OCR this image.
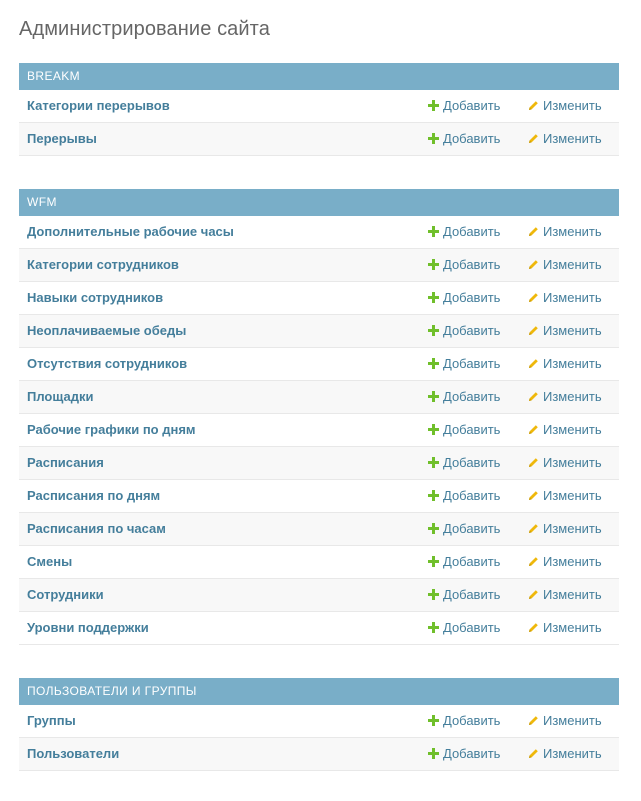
Администрирование сайта
BREAKM
Категории перерывов	Добавить	Изменить
Перерывы	Добавить	Изменить
WFM
Дополнительные рабочие часы	Добавить	Изменить
Категории сотрудников	Добавить	Изменить
Навыки сотрудников	Добавить	Изменить
Неоплачиваемые обеды	Добавить	Изменить
Отсутствия сотрудников	Добавить	Изменить
Площадки	Добавить	Изменить
Рабочие графики по дням	Добавить	Изменить
Расписания	Добавить	Изменить
Расписания по дням	Добавить	Изменить
Расписания по часам	Добавить	Изменить
Смены	Добавить	Изменить
Сотрудники	Добавить	Изменить
Уровни поддержки	Добавить	Изменить
ПОЛЬЗОВАТЕЛИ И ГРУППЫ
Группы	Добавить	Изменить
Пользователи	Добавить	Изменить
